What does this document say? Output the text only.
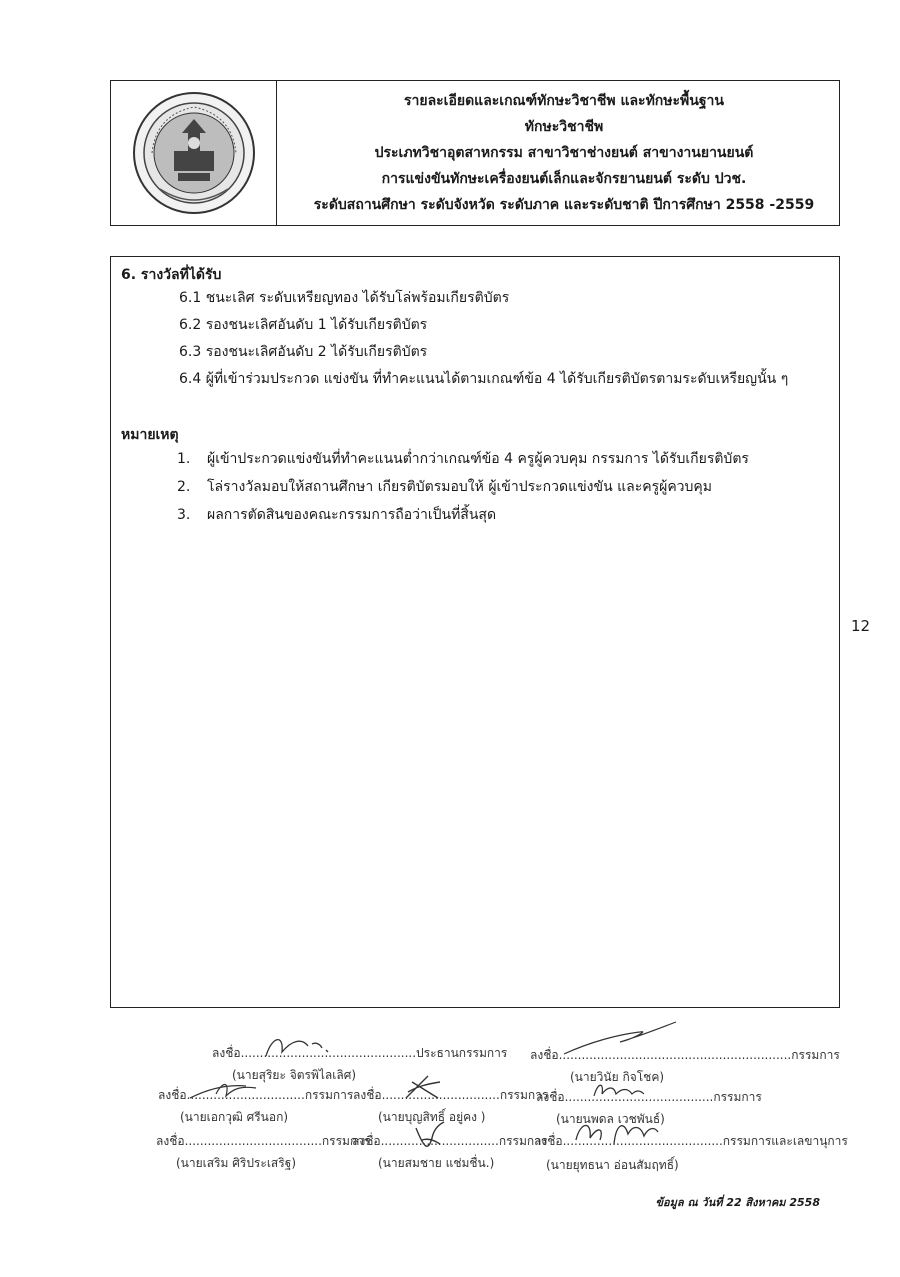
รายละเอียดและเกณฑ์ทักษะวิชาชีพ และทักษะพื้นฐาน
ทักษะวิชาชีพ
ประเภทวิชาอุตสาหกรรม สาขาวิชาช่างยนต์ สาขางานยานยนต์
การแข่งขันทักษะเครื่องยนต์เล็กและจักรยานยนต์ ระดับ ปวช.
ระดับสถานศึกษา ระดับจังหวัด ระดับภาค และระดับชาติ ปีการศึกษา 2558 -2559
6. รางวัลที่ได้รับ
6.1 ชนะเลิศ ระดับเหรียญทอง ได้รับโล่พร้อมเกียรติบัตร
6.2 รองชนะเลิศอันดับ 1 ได้รับเกียรติบัตร
6.3 รองชนะเลิศอันดับ 2 ได้รับเกียรติบัตร
6.4 ผู้ที่เข้าร่วมประกวด แข่งขัน ที่ทำคะแนนได้ตามเกณฑ์ข้อ 4 ได้รับเกียรติบัตรตามระดับเหรียญนั้น ๆ
หมายเหตุ
1.	ผู้เข้าประกวดแข่งขันที่ทำคะแนนต่ำกว่าเกณฑ์ข้อ 4 ครูผู้ควบคุม กรรมการ ได้รับเกียรติบัตร
2.	โล่รางวัลมอบให้สถานศึกษา เกียรติบัตรมอบให้ ผู้เข้าประกวดแข่งขัน และครูผู้ควบคุม
3.	ผลการตัดสินของคณะกรรมการถือว่าเป็นที่สิ้นสุด
12
ลงชื่อ..............................................ประธานกรรมการ
(นายสุริยะ จิตรพิไลเลิศ)
ลงชื่อ.............................................................กรรมการ
(นายวินัย กิจโชค)
ลงชื่อ...............................กรรมการ
(นายเอกวุฒิ ศรีนอก)
ลงชื่อ...............................กรรมการ
(นายบุญสิทธิ์ อยู่คง )
ลงชื่อ.......................................กรรมการ
(นายนพดล เวชพันธ์)
ลงชื่อ....................................กรรมการ
(นายเสริม ศิริประเสริฐ)
ลงชื่อ...............................กรรมการ
(นายสมชาย แช่มชื่น.)
ลงชื่อ..........................................กรรมการและเลขานุการ
(นายยุทธนา อ่อนสัมฤทธิ์)
ข้อมูล ณ วันที่ 22 สิงหาคม 2558
